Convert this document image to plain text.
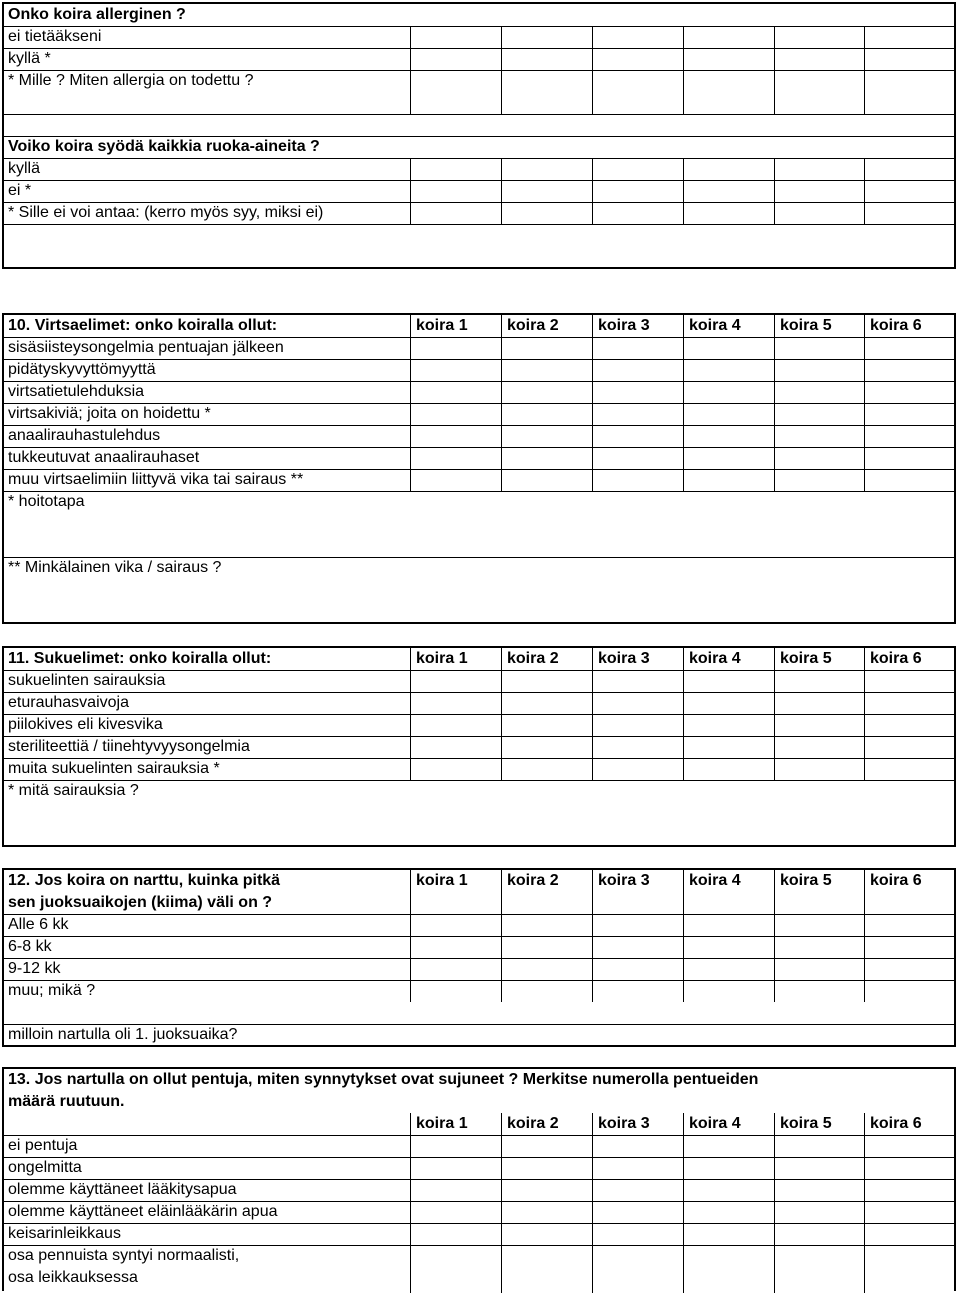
Onko koira allerginen ?
ei tietääkseni
kyllä *
* Mille ? Miten allergia on todettu ?
Voiko koira syödä kaikkia ruoka-aineita ?
kyllä
ei *
* Sille ei voi antaa: (kerro myös syy, miksi ei)
10. Virtsaelimet: onko koiralla ollut:	koira 1 koira 2 koira 3 koira 4 koira 5 koira 6
sisäsiisteysongelmia pentuajan jälkeen
pidätyskyvyttömyyttä
virtsatietulehduksia
virtsakiviä; joita on hoidettu *
anaalirauhastulehdus
tukkeutuvat anaalirauhaset
muu virtsaelimiin liittyvä vika tai sairaus **
* hoitotapa
** Minkälainen vika / sairaus ?
11. Sukuelimet: onko koiralla ollut:	koira 1 koira 2 koira 3 koira 4 koira 5 koira 6
sukuelinten sairauksia
eturauhasvaivoja
piilokives eli kivesvika
steriliteettiä / tiinehtyvyysongelmia
muita sukuelinten sairauksia *
* mitä sairauksia ?
12. Jos koira on narttu, kuinka pitkä	koira 1 koira 2 koira 3 koira 4 koira 5 koira 6
sen juoksuaikojen (kiima) väli on ?
Alle 6 kk
6-8 kk
9-12 kk
muu; mikä ?
milloin nartulla oli 1. juoksuaika?
13. Jos nartulla on ollut pentuja, miten synnytykset ovat sujuneet ? Merkitse numerolla pentueiden
määrä ruutuun.
koira 1 koira 2 koira 3 koira 4 koira 5 koira 6
ei pentuja
ongelmitta
olemme käyttäneet lääkitysapua
olemme käyttäneet eläinlääkärin apua
keisarinleikkaus
osa pennuista syntyi normaalisti,
osa leikkauksessa
